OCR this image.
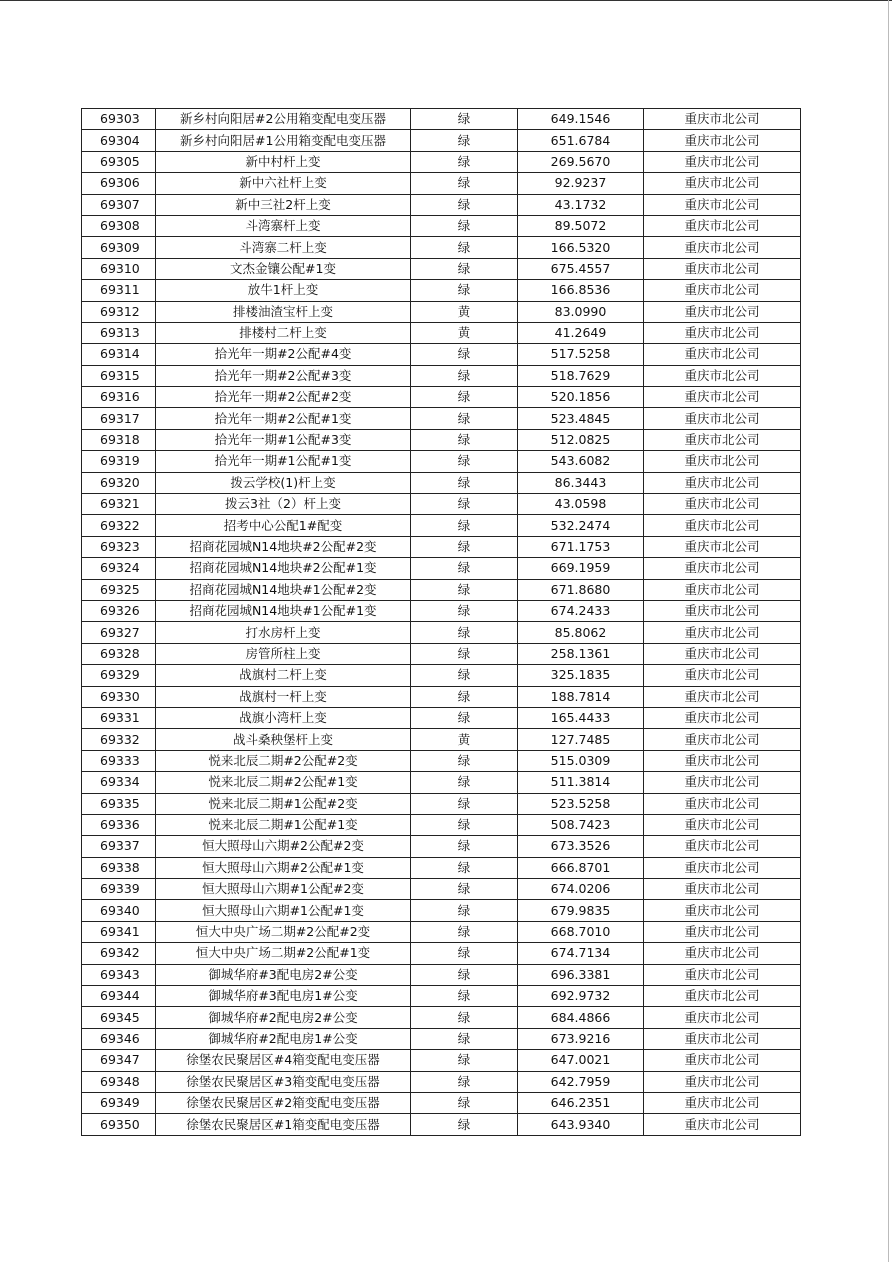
69303	新乡村向阳居#2公用箱变配电变压器	绿	649.1546	重庆市北公司
69304	新乡村向阳居#1公用箱变配电变压器	绿	651.6784	重庆市北公司
69305	新中村杆上变	绿	269.5670	重庆市北公司
69306	新中六社杆上变	绿	92.9237	重庆市北公司
69307	新中三社2杆上变	绿	43.1732	重庆市北公司
69308	斗湾寨杆上变	绿	89.5072	重庆市北公司
69309	斗湾寨二杆上变	绿	166.5320	重庆市北公司
69310	文杰金镶公配#1变	绿	675.4557	重庆市北公司
69311	放牛1杆上变	绿	166.8536	重庆市北公司
69312	排楼油渣宝杆上变	黄	83.0990	重庆市北公司
69313	排楼村二杆上变	黄	41.2649	重庆市北公司
69314	拾光年一期#2公配#4变	绿	517.5258	重庆市北公司
69315	拾光年一期#2公配#3变	绿	518.7629	重庆市北公司
69316	拾光年一期#2公配#2变	绿	520.1856	重庆市北公司
69317	拾光年一期#2公配#1变	绿	523.4845	重庆市北公司
69318	拾光年一期#1公配#3变	绿	512.0825	重庆市北公司
69319	拾光年一期#1公配#1变	绿	543.6082	重庆市北公司
69320	拨云学校(1)杆上变	绿	86.3443	重庆市北公司
69321	拨云3社（2）杆上变	绿	43.0598	重庆市北公司
69322	招考中心公配1#配变	绿	532.2474	重庆市北公司
69323	招商花园城N14地块#2公配#2变	绿	671.1753	重庆市北公司
69324	招商花园城N14地块#2公配#1变	绿	669.1959	重庆市北公司
69325	招商花园城N14地块#1公配#2变	绿	671.8680	重庆市北公司
69326	招商花园城N14地块#1公配#1变	绿	674.2433	重庆市北公司
69327	打水房杆上变	绿	85.8062	重庆市北公司
69328	房管所柱上变	绿	258.1361	重庆市北公司
69329	战旗村二杆上变	绿	325.1835	重庆市北公司
69330	战旗村一杆上变	绿	188.7814	重庆市北公司
69331	战旗小湾杆上变	绿	165.4433	重庆市北公司
69332	战斗桑秧堡杆上变	黄	127.7485	重庆市北公司
69333	悦来北辰二期#2公配#2变	绿	515.0309	重庆市北公司
69334	悦来北辰二期#2公配#1变	绿	511.3814	重庆市北公司
69335	悦来北辰二期#1公配#2变	绿	523.5258	重庆市北公司
69336	悦来北辰二期#1公配#1变	绿	508.7423	重庆市北公司
69337	恒大照母山六期#2公配#2变	绿	673.3526	重庆市北公司
69338	恒大照母山六期#2公配#1变	绿	666.8701	重庆市北公司
69339	恒大照母山六期#1公配#2变	绿	674.0206	重庆市北公司
69340	恒大照母山六期#1公配#1变	绿	679.9835	重庆市北公司
69341	恒大中央广场二期#2公配#2变	绿	668.7010	重庆市北公司
69342	恒大中央广场二期#2公配#1变	绿	674.7134	重庆市北公司
69343	御城华府#3配电房2#公变	绿	696.3381	重庆市北公司
69344	御城华府#3配电房1#公变	绿	692.9732	重庆市北公司
69345	御城华府#2配电房2#公变	绿	684.4866	重庆市北公司
69346	御城华府#2配电房1#公变	绿	673.9216	重庆市北公司
69347	徐堡农民聚居区#4箱变配电变压器	绿	647.0021	重庆市北公司
69348	徐堡农民聚居区#3箱变配电变压器	绿	642.7959	重庆市北公司
69349	徐堡农民聚居区#2箱变配电变压器	绿	646.2351	重庆市北公司
69350	徐堡农民聚居区#1箱变配电变压器	绿	643.9340	重庆市北公司
